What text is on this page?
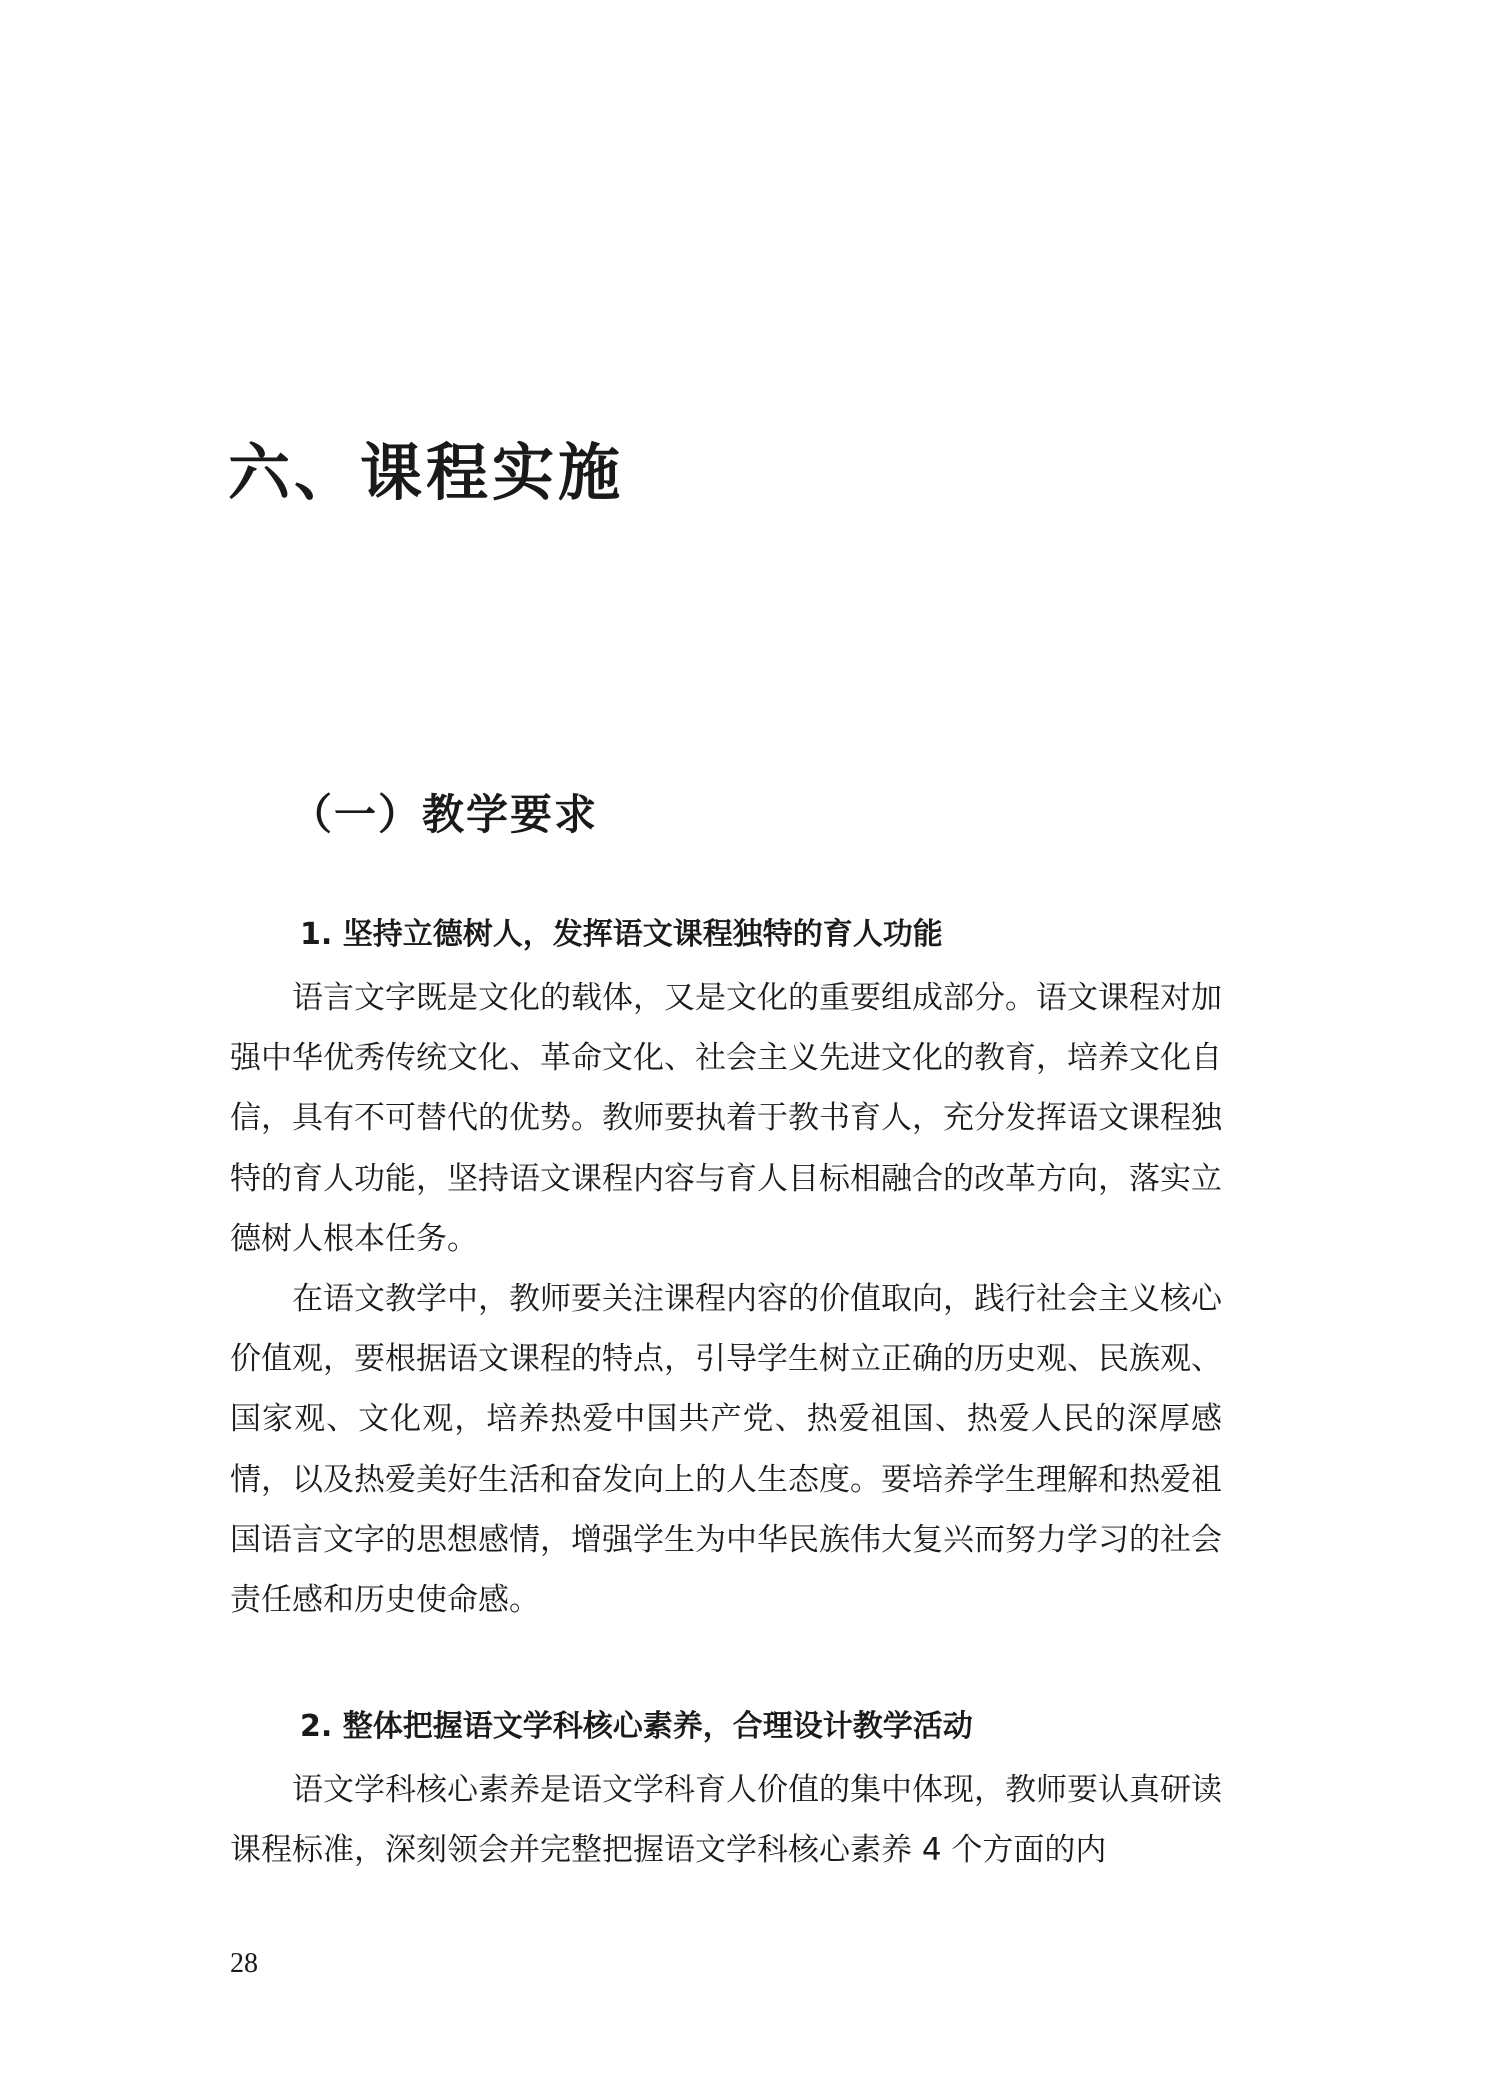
六、课程实施
（一）教学要求
1. 坚持立德树人，发挥语文课程独特的育人功能

语言文字既是文化的载体，又是文化的重要组成部分。语文课程对加强中华优秀传统文化、革命文化、社会主义先进文化的教育，培养文化自信，具有不可替代的优势。教师要执着于教书育人，充分发挥语文课程独特的育人功能，坚持语文课程内容与育人目标相融合的改革方向，落实立德树人根本任务。

在语文教学中，教师要关注课程内容的价值取向，践行社会主义核心价值观，要根据语文课程的特点，引导学生树立正确的历史观、民族观、国家观、文化观，培养热爱中国共产党、热爱祖国、热爱人民的深厚感情，以及热爱美好生活和奋发向上的人生态度。要培养学生理解和热爱祖国语言文字的思想感情，增强学生为中华民族伟大复兴而努力学习的社会责任感和历史使命感。

2. 整体把握语文学科核心素养，合理设计教学活动

语文学科核心素养是语文学科育人价值的集中体现，教师要认真研读课程标准，深刻领会并完整把握语文学科核心素养 4 个方面的内

28
